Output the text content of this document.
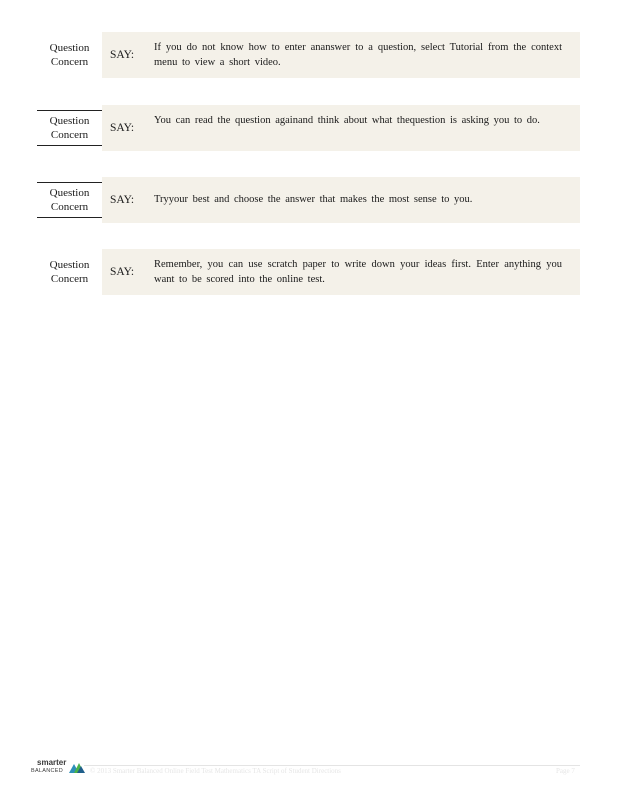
Question
Concern
SAY:
If you do not know how to enter ananswer to a question, select Tutorial from the context menu to view a short video.
Question
Concern
SAY:
You can read the question againand think about what thequestion is asking you to do.
Question
Concern
SAY: Tryyour best and choose the answer that makes the most sense to you.
Question
Concern
SAY:
Remember, you can use scratch paper to write down your ideas first. Enter anything you want to be scored into the online test.
smarter
BALANCED	© 2013 Smarter Balanced Online Field Test Mathematics TA Script of Student Directions	Page 7
